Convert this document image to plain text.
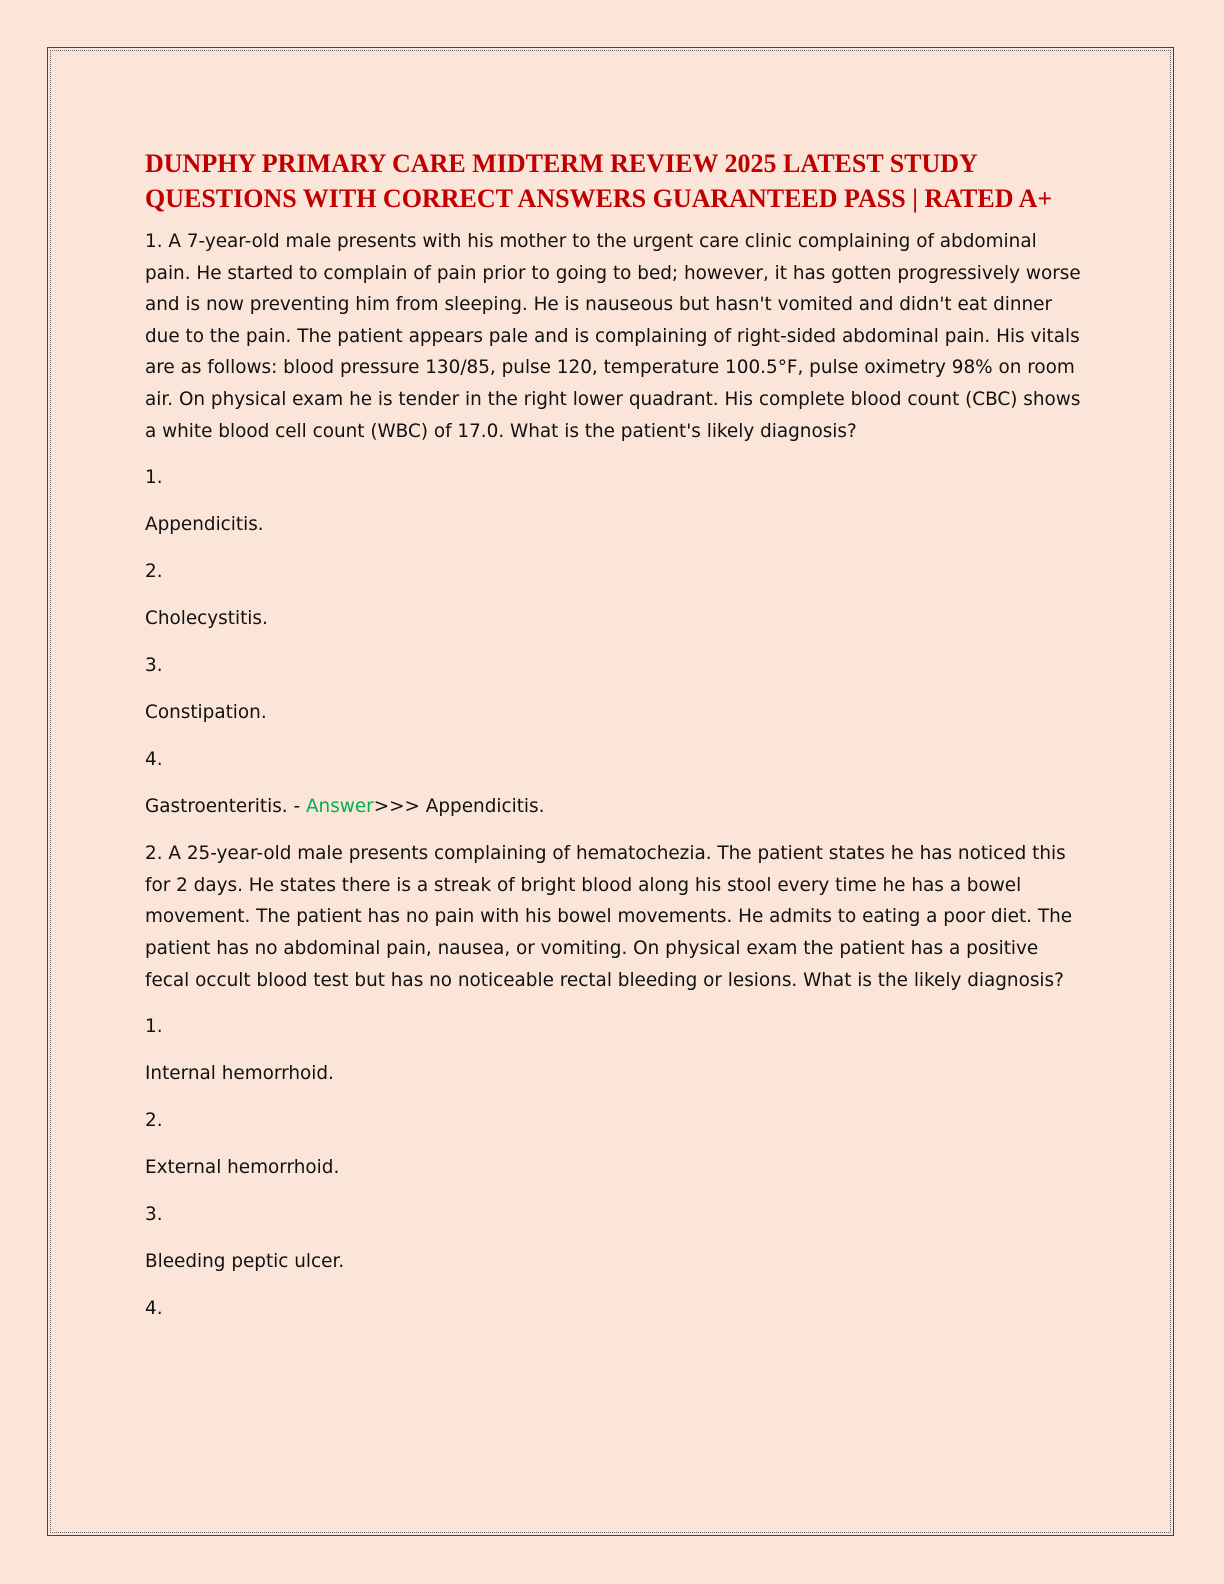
DUNPHY PRIMARY CARE MIDTERM REVIEW 2025 LATEST STUDY QUESTIONS WITH CORRECT ANSWERS GUARANTEED PASS | RATED A+

1. A 7-year-old male presents with his mother to the urgent care clinic complaining of abdominal pain. He started to complain of pain prior to going to bed; however, it has gotten progressively worse and is now preventing him from sleeping. He is nauseous but hasn't vomited and didn't eat dinner due to the pain. The patient appears pale and is complaining of right-sided abdominal pain. His vitals are as follows: blood pressure 130/85, pulse 120, temperature 100.5°F, pulse oximetry 98% on room air. On physical exam he is tender in the right lower quadrant. His complete blood count (CBC) shows a white blood cell count (WBC) of 17.0. What is the patient's likely diagnosis?

1.

Appendicitis.

2.

Cholecystitis.

3.

Constipation.

4.

Gastroenteritis. - Answer>>> Appendicitis.

2. A 25-year-old male presents complaining of hematochezia. The patient states he has noticed this for 2 days. He states there is a streak of bright blood along his stool every time he has a bowel movement. The patient has no pain with his bowel movements. He admits to eating a poor diet. The patient has no abdominal pain, nausea, or vomiting. On physical exam the patient has a positive fecal occult blood test but has no noticeable rectal bleeding or lesions. What is the likely diagnosis?

1.

Internal hemorrhoid.

2.

External hemorrhoid.

3.

Bleeding peptic ulcer.

4.
